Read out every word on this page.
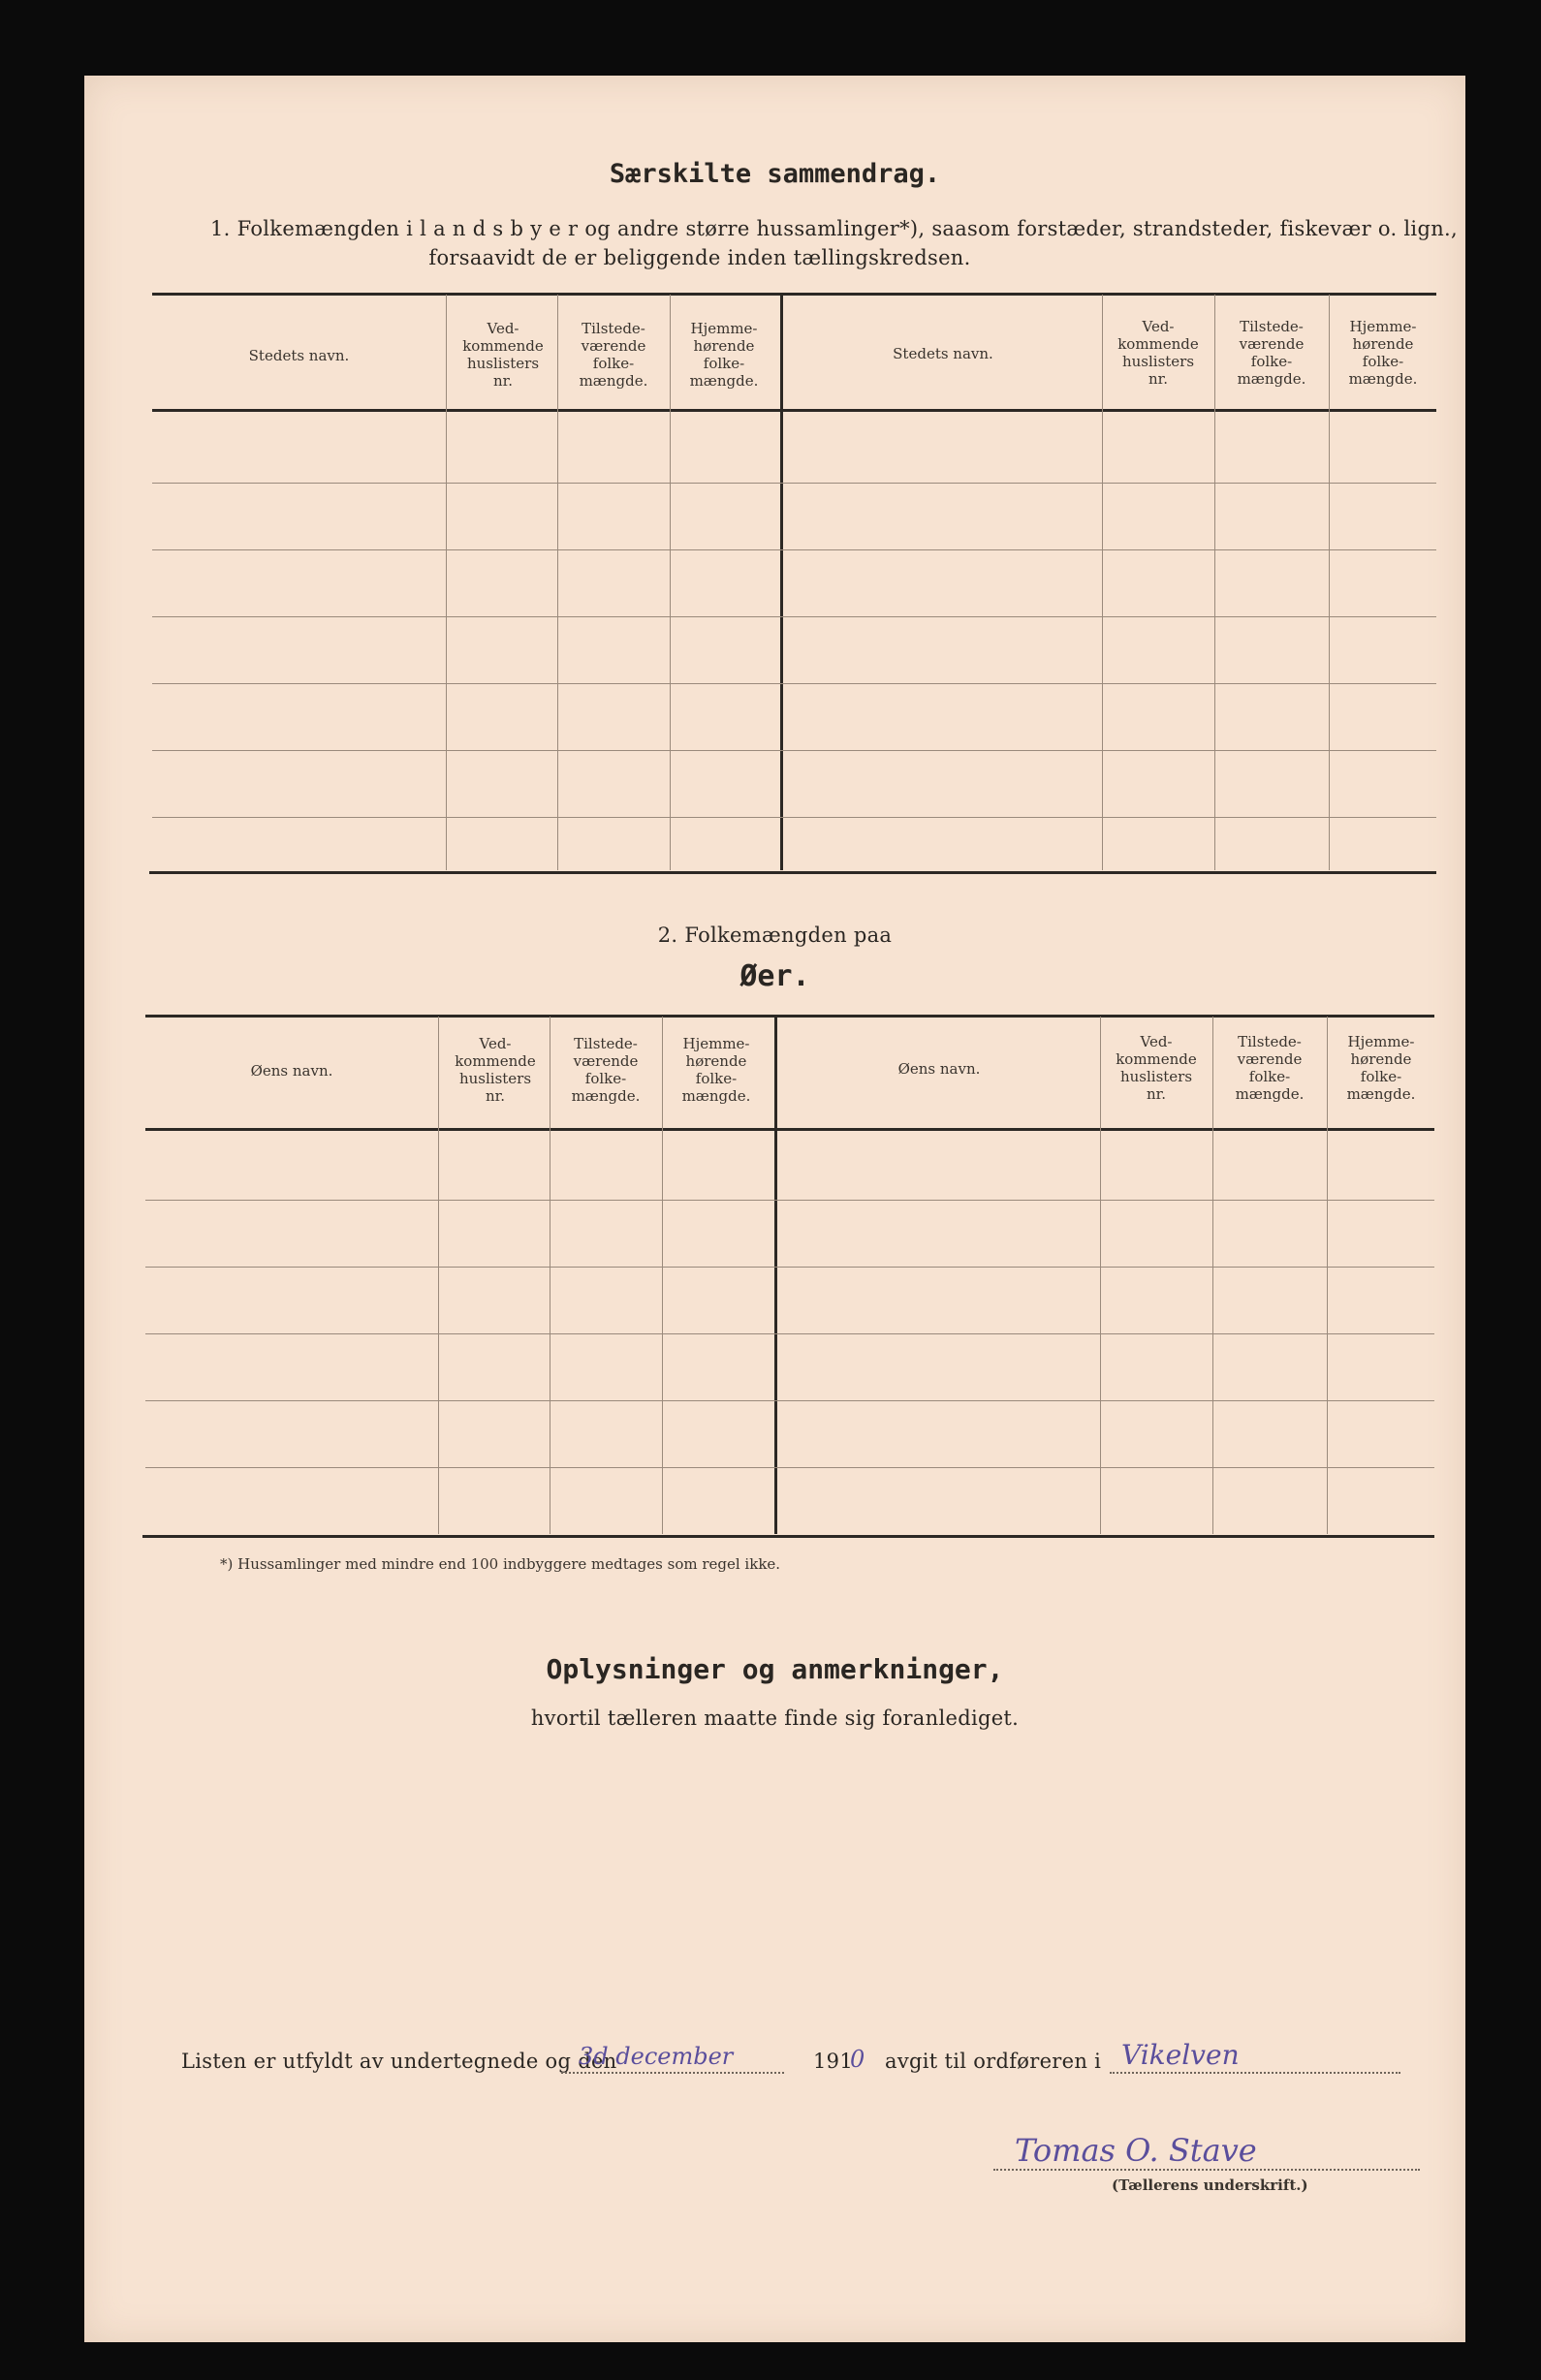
Særskilte sammendrag.
1. Folkemængden i l a n d s b y e r og andre større hussamlinger*), saasom forstæder, strandsteder, fiskevær o. lign.,
forsaavidt de er beliggende inden tællingskredsen.
Stedets navn.
Ved-kommende huslisters nr.
Tilstede-værende folke-mængde.
Hjemme-hørende folke-mængde.
Stedets navn.
Ved-kommende huslisters nr.
Tilstede-værende folke-mængde.
Hjemme-hørende folke-mængde.
2. Folkemængden paa
Øer.
Øens navn.
Ved-kommende huslisters nr.
Tilstede-værende folke-mængde.
Hjemme-hørende folke-mængde.
Øens navn.
Ved-kommende huslisters nr.
Tilstede-værende folke-mængde.
Hjemme-hørende folke-mængde.
*) Hussamlinger med mindre end 100 indbyggere medtages som regel ikke.
Oplysninger og anmerkninger,
hvortil tælleren maatte finde sig foranlediget.
Listen er utfyldt av undertegnede og den
3d december	191
0 avgit til ordføreren i Vikelven
Tomas O. Stave
(Tællerens underskrift.)
